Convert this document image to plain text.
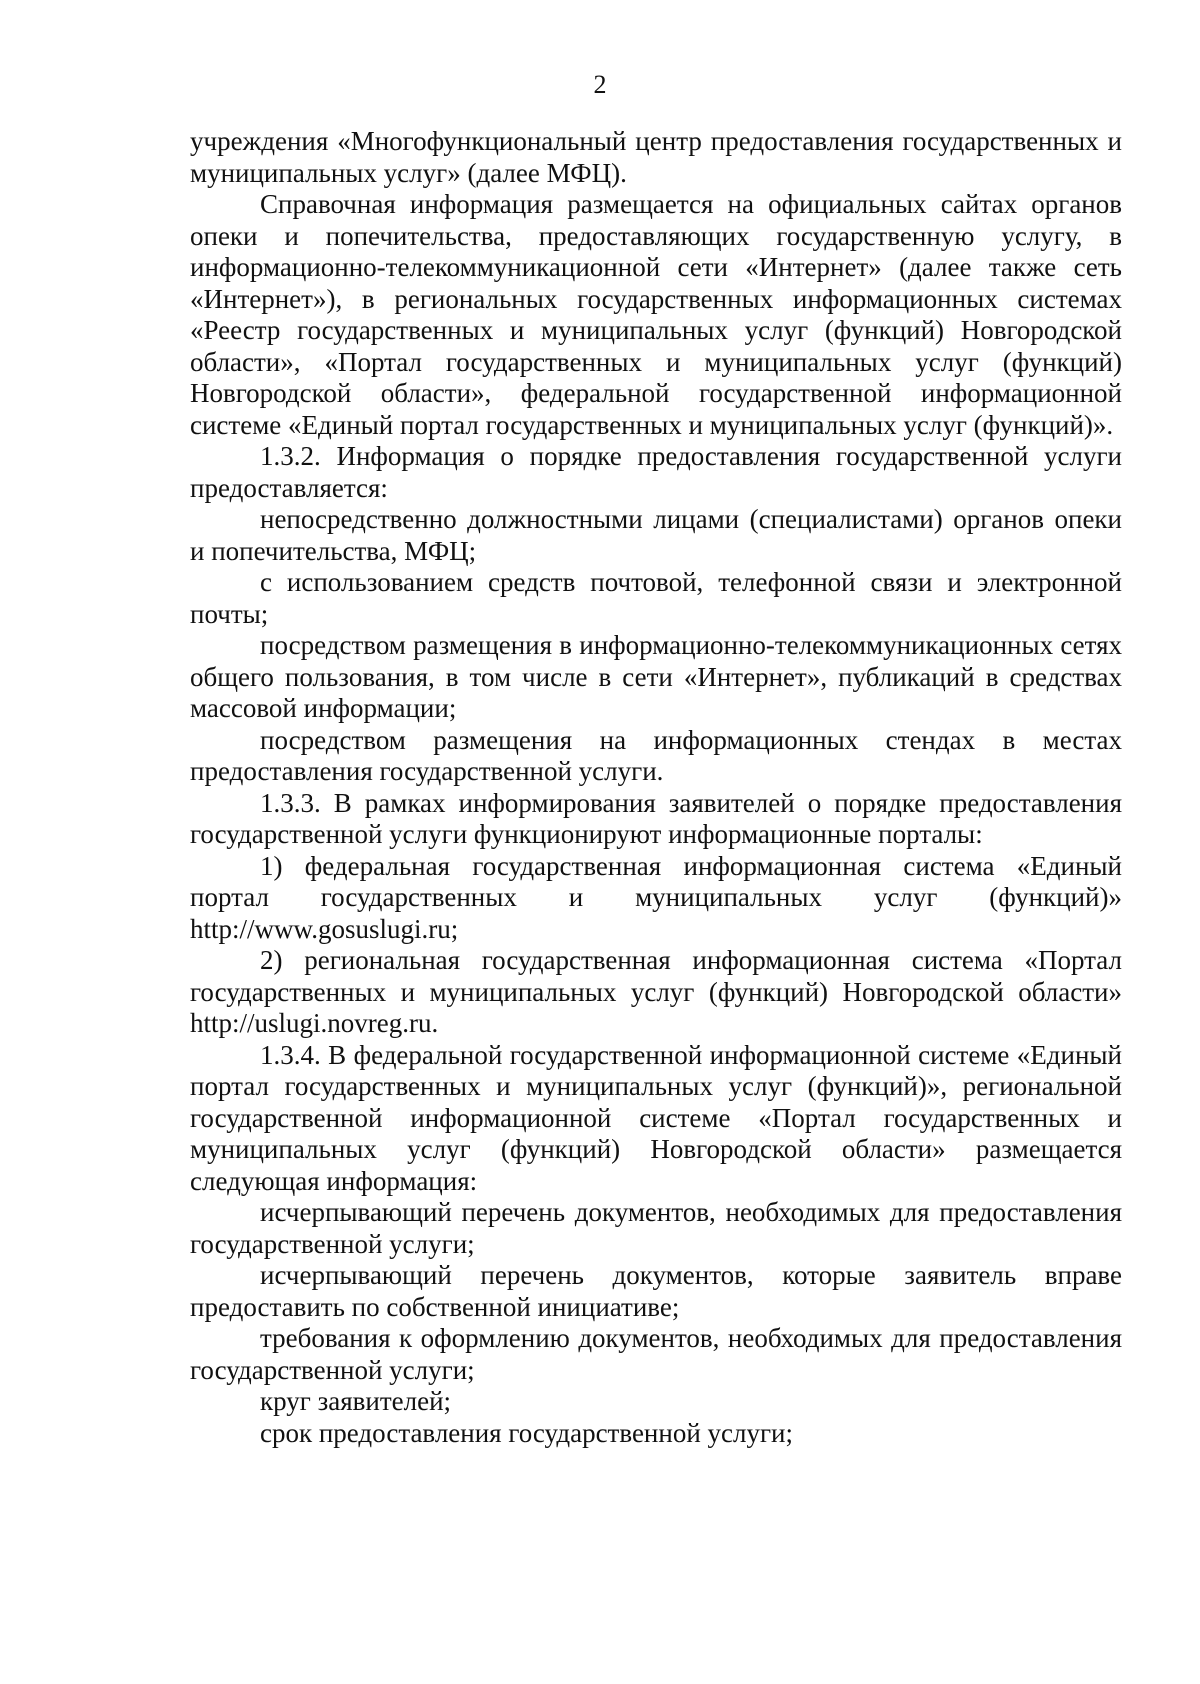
2

учреждения «Многофункциональный центр предоставления государственных и муниципальных услуг» (далее МФЦ).

Справочная информация размещается на официальных сайтах органов опеки и попечительства, предоставляющих государственную услугу, в информационно-телекоммуникационной сети «Интернет» (далее также сеть «Интернет»), в региональных государственных информационных системах «Реестр государственных и муниципальных услуг (функций) Новгородской области», «Портал государственных и муниципальных услуг (функций) Новгородской области», федеральной государственной информационной системе «Единый портал государственных и муниципальных услуг (функций)».

1.3.2. Информация о порядке предоставления государственной услуги предоставляется:

непосредственно должностными лицами (специалистами) органов опеки и попечительства, МФЦ;

с использованием средств почтовой, телефонной связи и электронной почты;

посредством размещения в информационно-телекоммуникационных сетях общего пользования, в том числе в сети «Интернет», публикаций в средствах массовой информации;

посредством размещения на информационных стендах в местах предоставления государственной услуги.

1.3.3. В рамках информирования заявителей о порядке предоставления государственной услуги функционируют информационные порталы:

1) федеральная государственная информационная система «Единый портал государственных и муниципальных услуг (функций)» http://www.gosuslugi.ru;

2) региональная государственная информационная система «Портал государственных и муниципальных услуг (функций) Новгородской области» http://uslugi.novreg.ru.

1.3.4. В федеральной государственной информационной системе «Единый портал государственных и муниципальных услуг (функций)», региональной государственной информационной системе «Портал государственных и муниципальных услуг (функций) Новгородской области» размещается следующая информация:

исчерпывающий перечень документов, необходимых для предоставления государственной услуги;

исчерпывающий перечень документов, которые заявитель вправе предоставить по собственной инициативе;

требования к оформлению документов, необходимых для предоставления государственной услуги;

круг заявителей;

срок предоставления государственной услуги;
